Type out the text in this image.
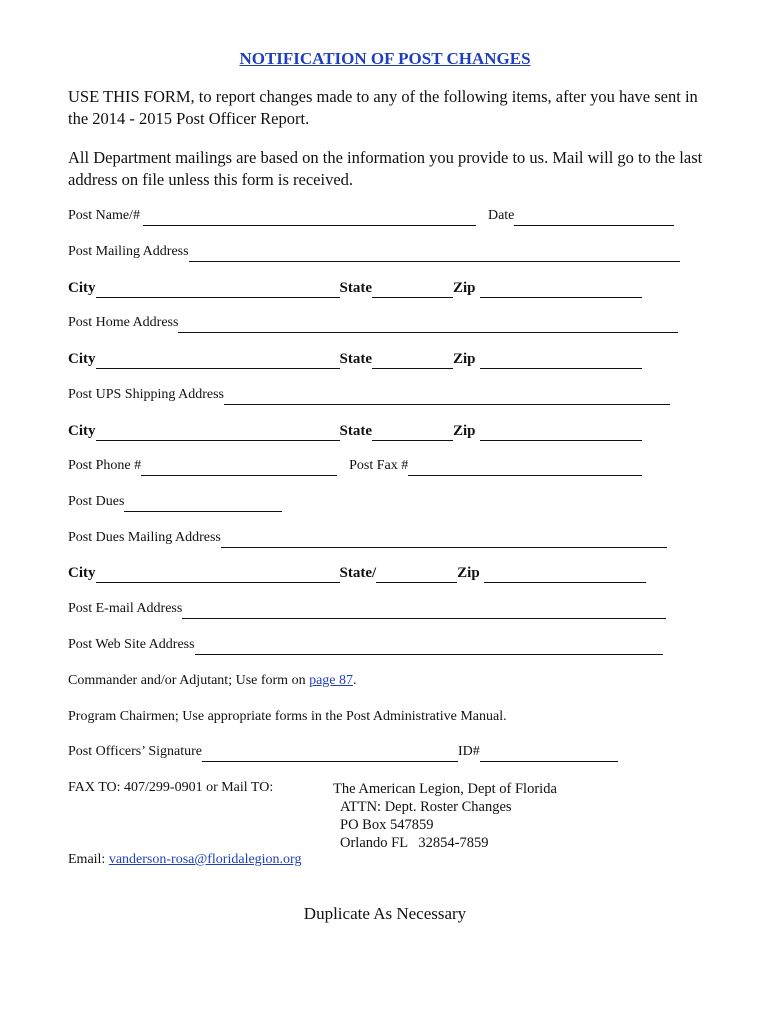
NOTIFICATION OF POST CHANGES
USE THIS FORM, to report changes made to any of the following items, after you have sent in the 2014 - 2015 Post Officer Report.
All Department mailings are based on the information you provide to us. Mail will go to the last address on file unless this form is received.
Post Name/#	Date
Post Mailing Address
City	State	Zip
Post Home Address
City	State	Zip
Post UPS Shipping Address
City	State	Zip
Post Phone #	Post Fax #
Post Dues
Post Dues Mailing Address
City	State/	Zip
Post E-mail Address
Post Web Site Address
Commander and/or Adjutant; Use form on page 87 .
Program Chairmen; Use appropriate forms in the Post Administrative Manual.
Post Officers’ Signature	ID#
FAX TO: 407/299-0901 or Mail TO:	The American Legion, Dept of Florida
ATTN: Dept. Roster Changes
PO Box 547859
Orlando FL   32854-7859
Email: vanderson-rosa@floridalegion.org
Duplicate As Necessary
